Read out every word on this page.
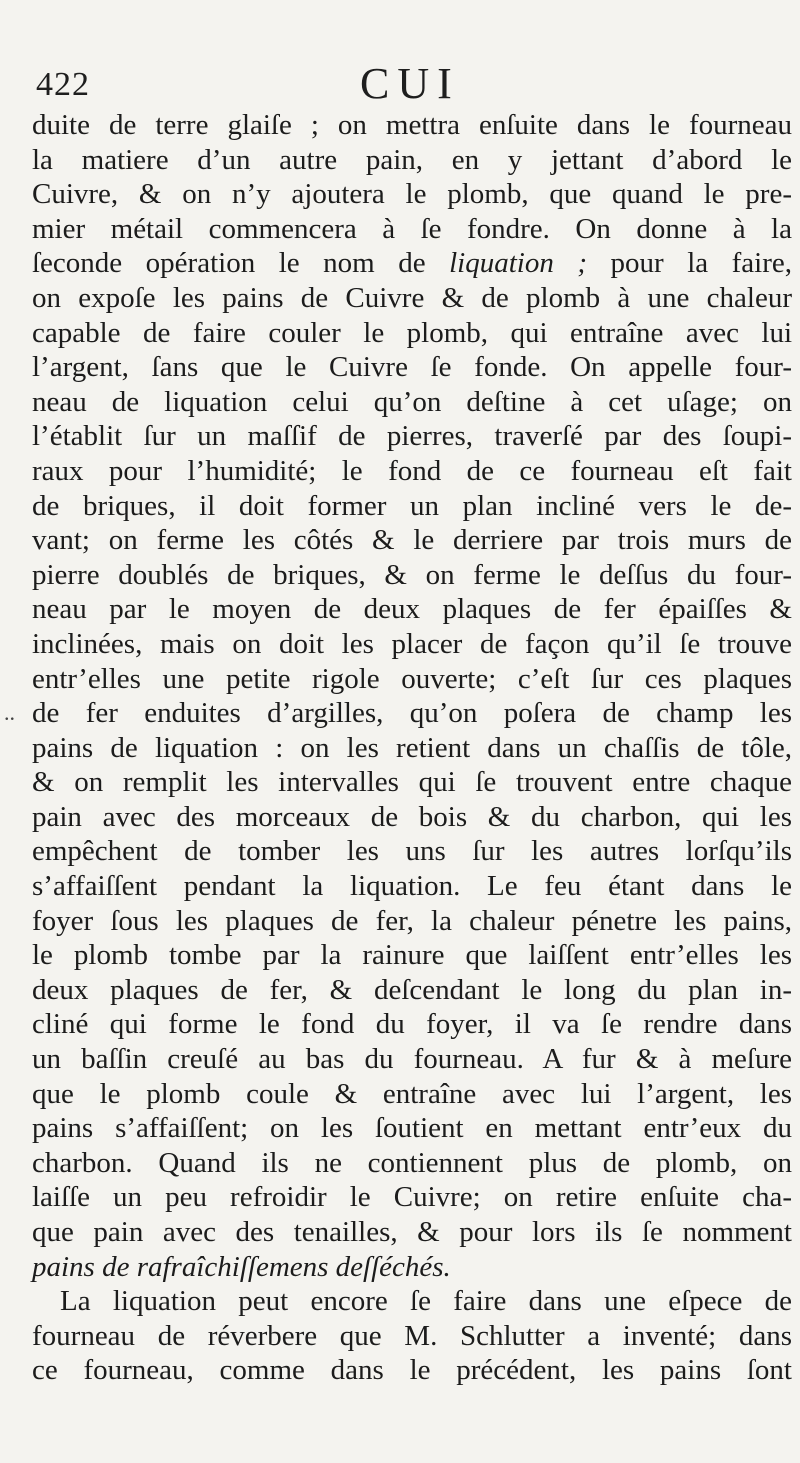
422	CUI
..
duite de terre glaiſe ; on mettra enſuite dans le fourneau
la matiere d’un autre pain, en y jettant d’abord le
Cuivre, & on n’y ajoutera le plomb, que quand le pre-
mier métail commencera à ſe fondre. On donne à la
ſeconde opération le nom de liquation ; pour la faire,
on expoſe les pains de Cuivre & de plomb à une chaleur
capable de faire couler le plomb, qui entraîne avec lui
l’argent, ſans que le Cuivre ſe fonde. On appelle four-
neau de liquation celui qu’on deſtine à cet uſage; on
l’établit ſur un maſſif de pierres, traverſé par des ſoupi-
raux pour l’humidité; le fond de ce fourneau eſt fait
de briques, il doit former un plan incliné vers le de-
vant; on ferme les côtés & le derriere par trois murs de
pierre doublés de briques, & on ferme le deſſus du four-
neau par le moyen de deux plaques de fer épaiſſes &
inclinées, mais on doit les placer de façon qu’il ſe trouve
entr’elles une petite rigole ouverte; c’eſt ſur ces plaques
de fer enduites d’argilles, qu’on poſera de champ les
pains de liquation : on les retient dans un chaſſis de tôle,
& on remplit les intervalles qui ſe trouvent entre chaque
pain avec des morceaux de bois & du charbon, qui les
empêchent de tomber les uns ſur les autres lorſqu’ils
s’affaiſſent pendant la liquation. Le feu étant dans le
foyer ſous les plaques de fer, la chaleur pénetre les pains,
le plomb tombe par la rainure que laiſſent entr’elles les
deux plaques de fer, & deſcendant le long du plan in-
cliné qui forme le fond du foyer, il va ſe rendre dans
un baſſin creuſé au bas du fourneau. A fur & à meſure
que le plomb coule & entraîne avec lui l’argent, les
pains s’affaiſſent; on les ſoutient en mettant entr’eux du
charbon. Quand ils ne contiennent plus de plomb, on
laiſſe un peu refroidir le Cuivre; on retire enſuite cha-
que pain avec des tenailles, & pour lors ils ſe nomment
pains de rafraîchiſſemens deſſéchés.
La liquation peut encore ſe faire dans une eſpece de
fourneau de réverbere que M. Schlutter a inventé; dans
ce fourneau, comme dans le précédent, les pains ſont
